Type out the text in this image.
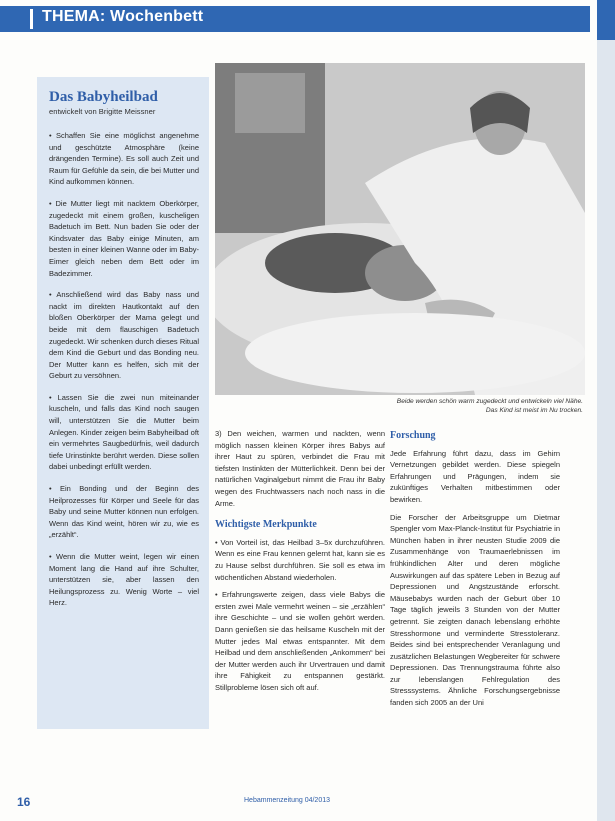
THEMA: Wochenbett
Das Babyheilbad
entwickelt von Brigitte Meissner

• Schaffen Sie eine möglichst angenehme und geschützte Atmosphäre (keine drängenden Termine). Es soll auch Zeit und Raum für Gefühle da sein, die bei Mutter und Kind aufkommen können.

• Die Mutter liegt mit nacktem Oberkörper, zugedeckt mit einem großen, kuscheligen Badetuch im Bett. Nun baden Sie oder der Kindsvater das Baby einige Minuten, am besten in einer kleinen Wanne oder im Baby-Eimer gleich neben dem Bett oder im Badezimmer.

• Anschließend wird das Baby nass und nackt im direkten Hautkontakt auf den bloßen Oberkörper der Mama gelegt und beide mit dem flauschigen Badetuch zugedeckt. Wir schenken durch dieses Ritual dem Kind die Geburt und das Bonding neu. Der Mutter kann es helfen, sich mit der Geburt zu versöhnen.

• Lassen Sie die zwei nun miteinander kuscheln, und falls das Kind noch saugen will, unterstützen Sie die Mutter beim Anlegen. Kinder zeigen beim Babyheilbad oft ein vermehrtes Saugbedürfnis, weil dadurch tiefe Urinstinkte berührt werden. Diese sollen dabei unbedingt erfüllt werden.

• Ein Bonding und der Beginn des Heilprozesses für Körper und Seele für das Baby und seine Mutter können nun erfolgen. Wenn das Kind weint, hören wir zu, wie es „erzählt“.

• Wenn die Mutter weint, legen wir einen Moment lang die Hand auf ihre Schulter, unterstützen sie, aber lassen den Heilungsprozess zu. Wenig Worte – viel Herz.

Beide werden schön warm zugedeckt und entwickeln viel Nähe.
Das Kind ist meist im Nu trocken.

3) Den weichen, warmen und nackten, wenn möglich nassen kleinen Körper ihres Babys auf ihrer Haut zu spüren, verbindet die Frau mit tiefsten Instinkten der Mütterlichkeit. Denn bei der natürlichen Vaginalgeburt nimmt die Frau ihr Baby wegen des Fruchtwassers nach noch nass in die Arme.

Wichtigste Merkpunkte

• Von Vorteil ist, das Heilbad 3–5x durchzuführen. Wenn es eine Frau kennen gelernt hat, kann sie es zu Hause selbst durchführen. Sie soll es etwa im wöchentlichen Abstand wiederholen.

• Erfahrungswerte zeigen, dass viele Babys die ersten zwei Male vermehrt weinen – sie „erzählen“ ihre Geschichte – und sie wollen gehört werden. Dann genießen sie das heilsame Kuscheln mit der Mutter jedes Mal etwas entspannter. Mit dem Heilbad und dem anschließenden „Ankommen“ bei der Mutter werden auch ihr Urvertrauen und damit ihre Fähigkeit zu entspannen gestärkt. Stillprobleme lösen sich oft auf.

Forschung

Jede Erfahrung führt dazu, dass im Gehirn Vernetzungen gebildet werden. Diese spiegeln Erfahrungen und Prägungen, indem sie zukünftiges Verhalten mitbestimmen oder bewirken.

Die Forscher der Arbeitsgruppe um Dietmar Spengler vom Max-Planck-Institut für Psychiatrie in München haben in ihrer neusten Studie 2009 die Zusammenhänge von Traumaerlebnissen im frühkindlichen Alter und deren mögliche Auswirkungen auf das spätere Leben in Bezug auf Depressionen und Angstzustände erforscht. Mäusebabys wurden nach der Geburt über 10 Tage täglich jeweils 3 Stunden von der Mutter getrennt. Sie zeigten danach lebenslang erhöhte Stresshormone und verminderte Stresstoleranz. Beides sind bei entsprechender Veranlagung und zusätzlichen Belastungen Wegbereiter für schwere Depressionen. Das Trennungstrauma führte also zur lebenslangen Fehlregulation des Stresssystems. Ähnliche Forschungsergebnisse fanden sich 2005 an der Uni

16	Hebammenzeitung 04/2013
